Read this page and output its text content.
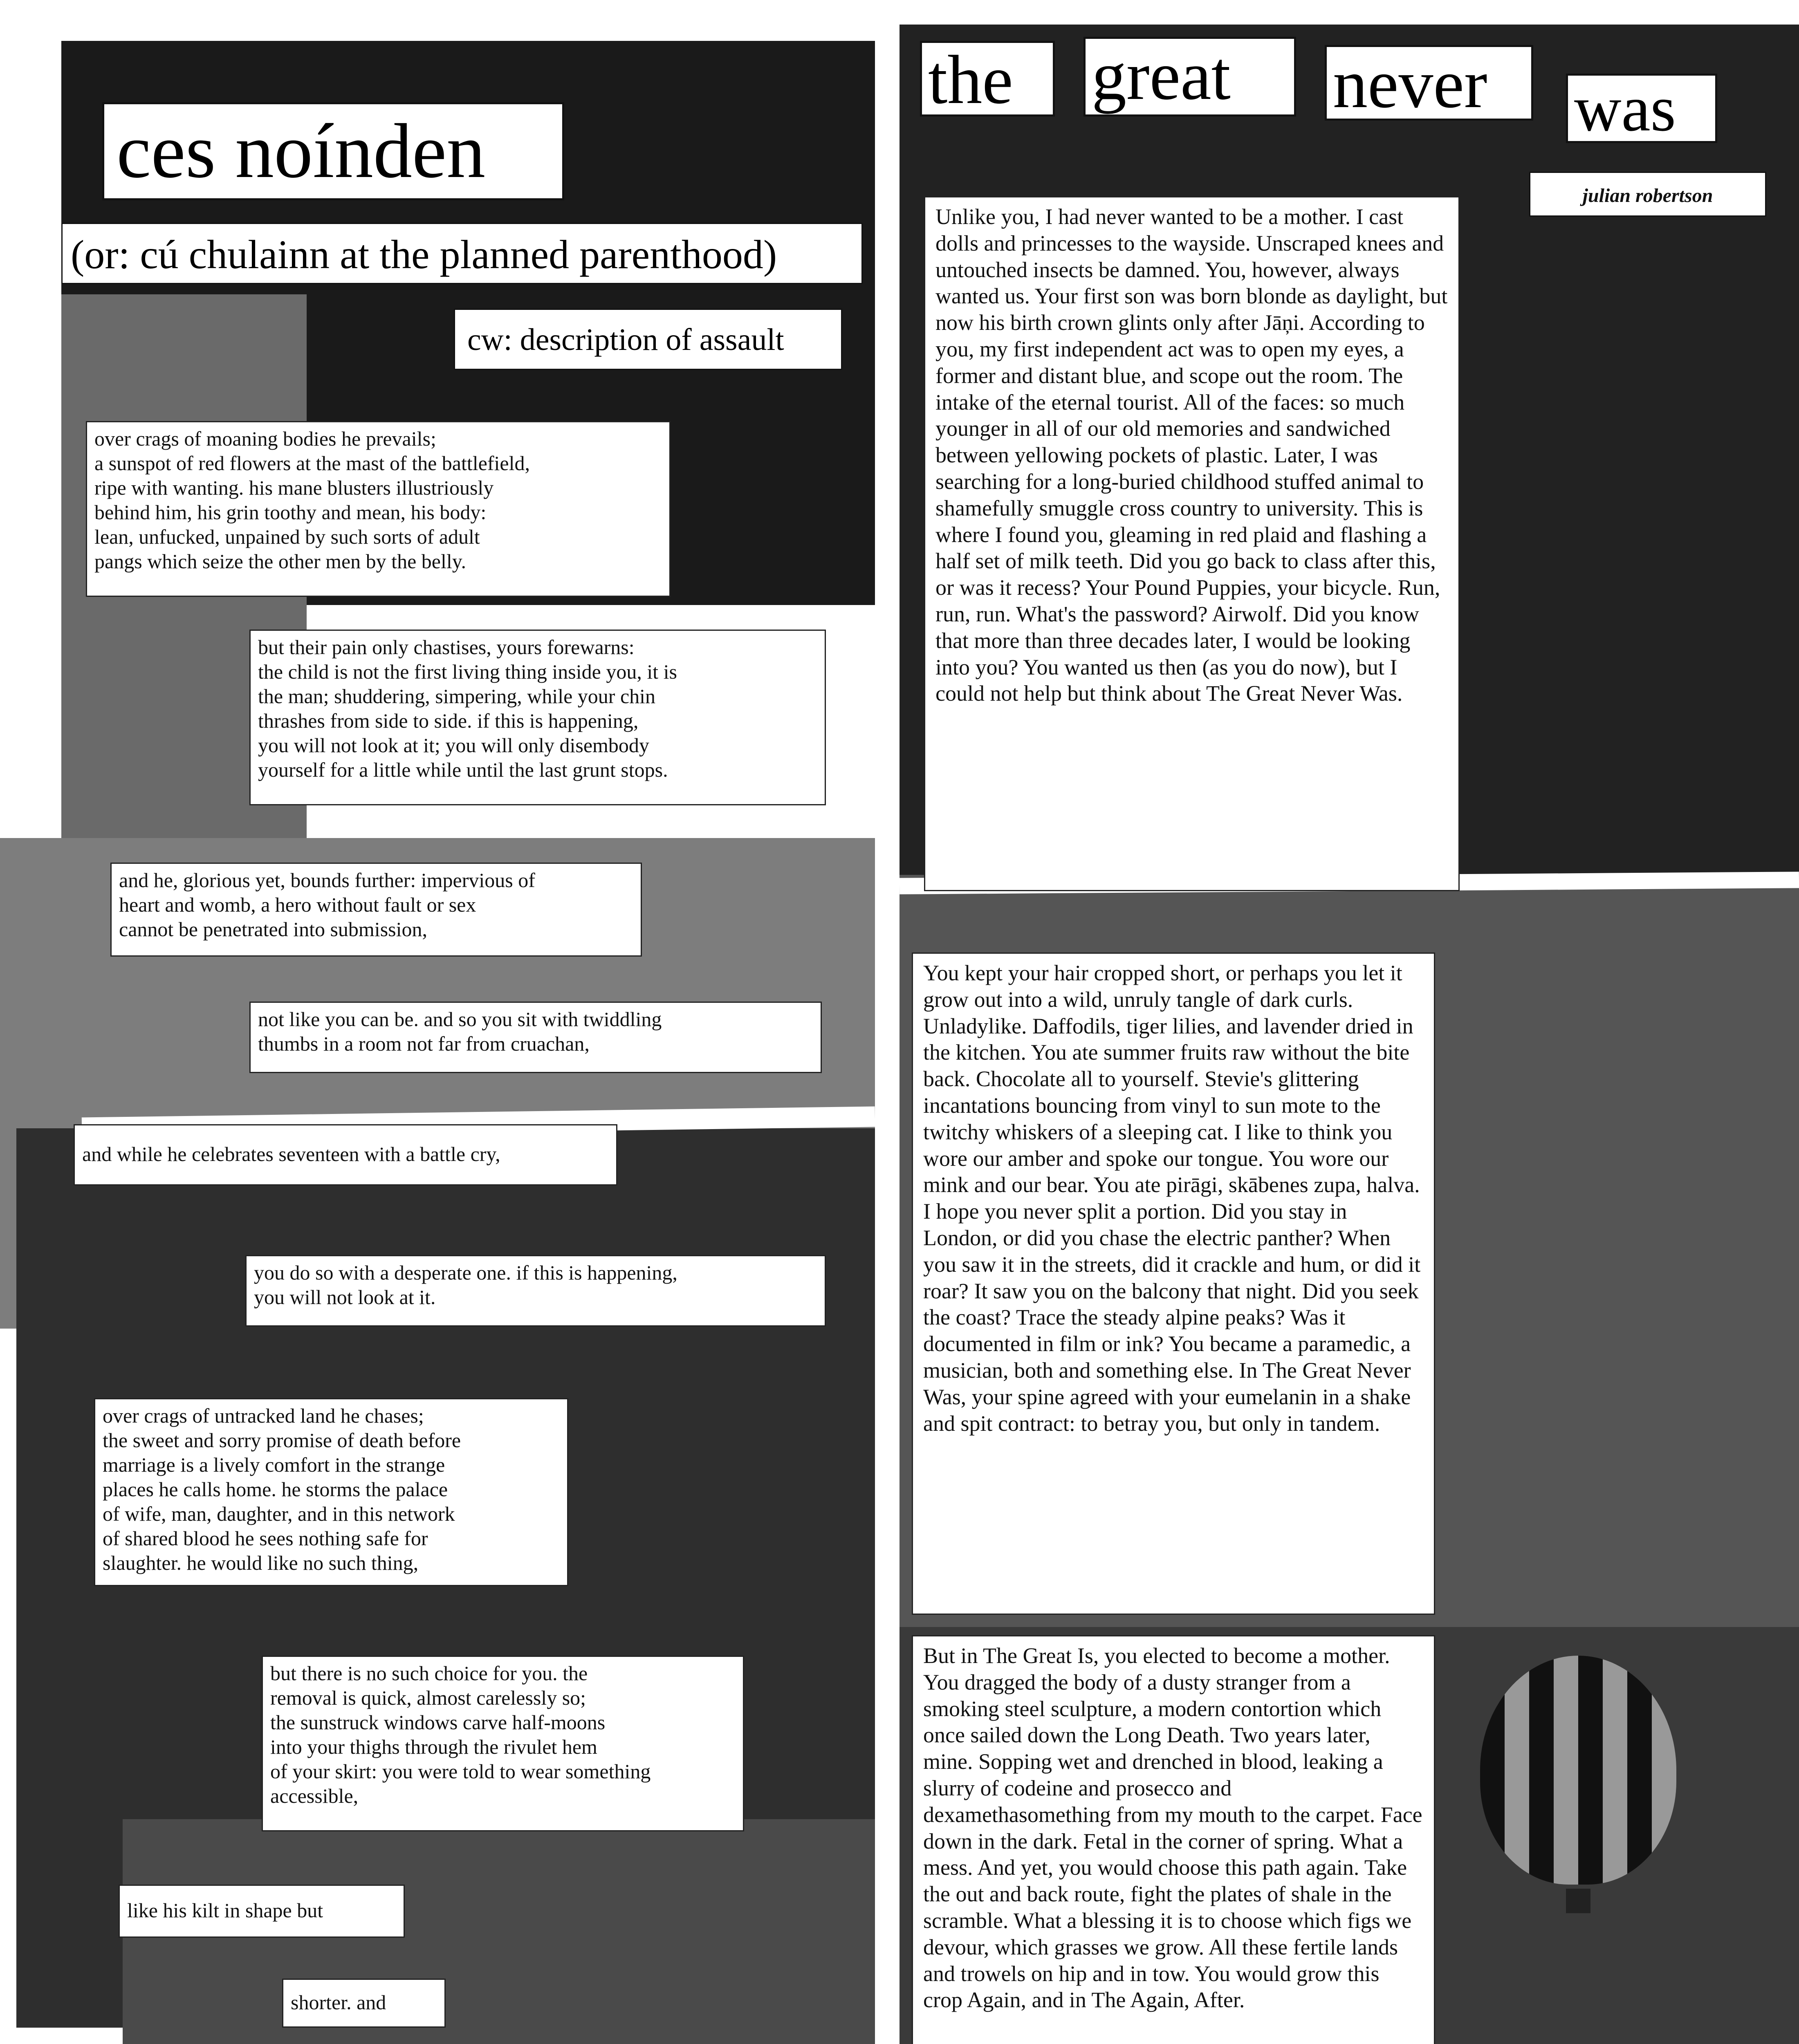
ces noínden
(or: cú chulainn at the planned parenthood)
cw: description of assault
over crags of moaning bodies he prevails;
a sunspot of red flowers at the mast of the battlefield,
ripe with wanting. his mane blusters illustriously
behind him, his grin toothy and mean, his body:
lean, unfucked, unpained by such sorts of adult
pangs which seize the other men by the belly.
but their pain only chastises, yours forewarns:
the child is not the first living thing inside you, it is
the man; shuddering, simpering, while your chin
thrashes from side to side. if this is happening,
you will not look at it; you will only disembody
yourself for a little while until the last grunt stops.
and he, glorious yet, bounds further: impervious of
heart and womb, a hero without fault or sex
cannot be penetrated into submission,
not like you can be. and so you sit with twiddling
thumbs in a room not far from cruachan,
and while he celebrates seventeen with a battle cry,
you do so with a desperate one. if this is happening,
you will not look at it.
over crags of untracked land he chases;
the sweet and sorry promise of death before
marriage is a lively comfort in the strange
places he calls home. he storms the palace
of wife, man, daughter, and in this network
of shared blood he sees nothing safe for
slaughter. he would like no such thing,
but there is no such choice for you. the
removal is quick, almost carelessly so;
the sunstruck windows carve half-moons
into your thighs through the rivulet hem
of your skirt: you were told to wear something
accessible,
like his kilt in shape but
shorter. and
the	great	never	was
julian robertson
Unlike you, I had never wanted to be a mother. I cast dolls and princesses to the wayside. Unscraped knees and untouched insects be damned. You, however, always wanted us. Your first son was born blonde as daylight, but now his birth crown glints only after Jāņi. According to you, my first independent act was to open my eyes, a former and distant blue, and scope out the room. The intake of the eternal tourist. All of the faces: so much younger in all of our old memories and sandwiched between yellowing pockets of plastic. Later, I was searching for a long-buried childhood stuffed animal to shamefully smuggle cross country to university. This is where I found you, gleaming in red plaid and flashing a half set of milk teeth. Did you go back to class after this, or was it recess? Your Pound Puppies, your bicycle. Run, run, run. What's the password? Airwolf. Did you know that more than three decades later, I would be looking into you? You wanted us then (as you do now), but I could not help but think about The Great Never Was.
You kept your hair cropped short, or perhaps you let it grow out into a wild, unruly tangle of dark curls. Unladylike. Daffodils, tiger lilies, and lavender dried in the kitchen. You ate summer fruits raw without the bite back. Chocolate all to yourself. Stevie's glittering incantations bouncing from vinyl to sun mote to the twitchy whiskers of a sleeping cat. I like to think you wore our amber and spoke our tongue. You wore our mink and our bear. You ate pirāgi, skābenes zupa, halva. I hope you never split a portion. Did you stay in London, or did you chase the electric panther? When you saw it in the streets, did it crackle and hum, or did it roar? It saw you on the balcony that night. Did you seek the coast? Trace the steady alpine peaks? Was it documented in film or ink? You became a paramedic, a musician, both and something else. In The Great Never Was, your spine agreed with your eumelanin in a shake and spit contract: to betray you, but only in tandem.
But in The Great Is, you elected to become a mother. You dragged the body of a dusty stranger from a smoking steel sculpture, a modern contortion which once sailed down the Long Death. Two years later, mine. Sopping wet and drenched in blood, leaking a slurry of codeine and prosecco and dexamethasomething from my mouth to the carpet. Face down in the dark. Fetal in the corner of spring. What a mess. And yet, you would choose this path again. Take the out and back route, fight the plates of shale in the scramble. What a blessing it is to choose which figs we devour, which grasses we grow. All these fertile lands and trowels on hip and in tow. You would grow this crop Again, and in The Again, After.
